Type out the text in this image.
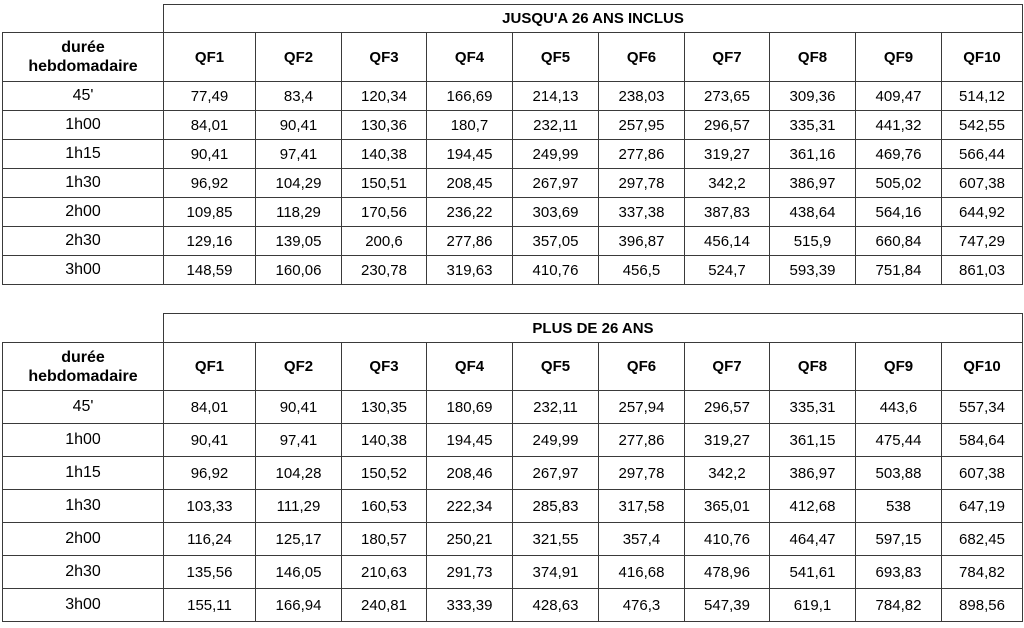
	JUSQU'A 26 ANS INCLUS									
durée
hebdomadaire	QF1	QF2	QF3	QF4	QF5	QF6	QF7	QF8	QF9	QF10
45'	77,49	83,4	120,34	166,69	214,13	238,03	273,65	309,36	409,47	514,12
1h00	84,01	90,41	130,36	180,7	232,11	257,95	296,57	335,31	441,32	542,55
1h15	90,41	97,41	140,38	194,45	249,99	277,86	319,27	361,16	469,76	566,44
1h30	96,92	104,29	150,51	208,45	267,97	297,78	342,2	386,97	505,02	607,38
2h00	109,85	118,29	170,56	236,22	303,69	337,38	387,83	438,64	564,16	644,92
2h30	129,16	139,05	200,6	277,86	357,05	396,87	456,14	515,9	660,84	747,29
3h00	148,59	160,06	230,78	319,63	410,76	456,5	524,7	593,39	751,84	861,03
	PLUS DE 26 ANS									
durée
hebdomadaire	QF1	QF2	QF3	QF4	QF5	QF6	QF7	QF8	QF9	QF10
45'	84,01	90,41	130,35	180,69	232,11	257,94	296,57	335,31	443,6	557,34
1h00	90,41	97,41	140,38	194,45	249,99	277,86	319,27	361,15	475,44	584,64
1h15	96,92	104,28	150,52	208,46	267,97	297,78	342,2	386,97	503,88	607,38
1h30	103,33	111,29	160,53	222,34	285,83	317,58	365,01	412,68	538	647,19
2h00	116,24	125,17	180,57	250,21	321,55	357,4	410,76	464,47	597,15	682,45
2h30	135,56	146,05	210,63	291,73	374,91	416,68	478,96	541,61	693,83	784,82
3h00	155,11	166,94	240,81	333,39	428,63	476,3	547,39	619,1	784,82	898,56
